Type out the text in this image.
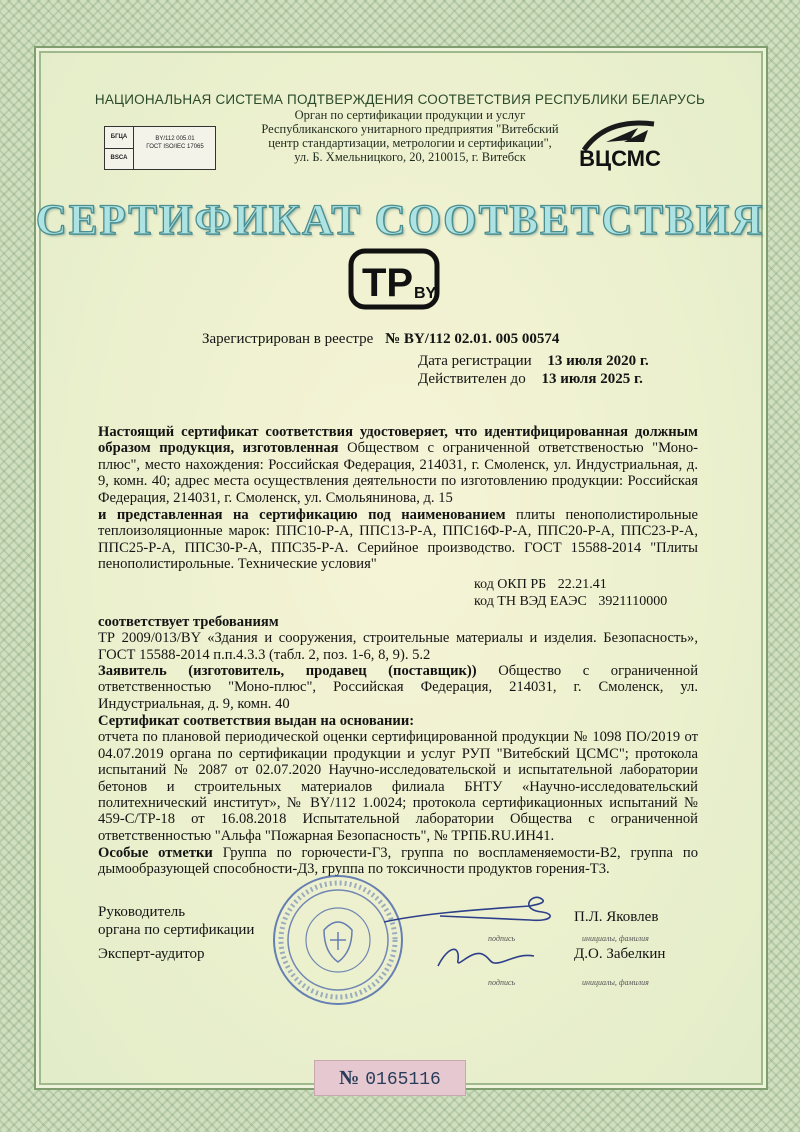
НАЦИОНАЛЬНАЯ СИСТЕМА ПОДТВЕРЖДЕНИЯ СООТВЕТСТВИЯ РЕСПУБЛИКИ БЕЛАРУСЬ
БГЦА
BSCA
BY/112 005.01
ГОСТ ISO/IEC 17065
Орган по сертификации продукции и услуг
Республиканского унитарного предприятия "Витебский
центр стандартизации, метрологии и сертификации",
ул. Б. Хмельницкого, 20, 210015, г. Витебск	ВЦСМС
СЕРТИФИКАТ СООТВЕТСТВИЯ
ТР BY
Зарегистрирован в реестре № BY/112 02.01. 005 00574
Дата регистрации 13 июля 2020 г.
Действителен до 13 июля 2025 г.
Настоящий сертификат соответствия удостоверяет, что идентифицированная должным образом продукция, изготовленная Обществом с ограниченной ответственостью "Моно-плюс", место нахождения: Российская Федерация, 214031, г. Смоленск, ул. Индустриальная, д. 9, комн. 40; адрес места осуществления деятельности по изготовлению продукции: Российская Федерация, 214031, г. Смоленск, ул. Смольянинова, д. 15
и представленная на сертификацию под наименованием плиты пенополистирольные теплоизоляционные марок: ППС10-Р-А, ППС13-Р-А, ППС16Ф-Р-А, ППС20-Р-А, ППС23-Р-А, ППС25-Р-А, ППС30-Р-А, ППС35-Р-А. Серийное производство. ГОСТ 15588-2014 "Плиты пенополистирольные. Технические условия"
код ОКП РБ 22.21.41
код ТН ВЭД ЕАЭС 3921110000
соответствует требованиям
ТР 2009/013/BY «Здания и сооружения, строительные материалы и изделия. Безопасность», ГОСТ 15588-2014 п.п.4.3.3 (табл. 2, поз. 1-6, 8, 9). 5.2
Заявитель (изготовитель, продавец (поставщик)) Общество с ограниченной ответственностью "Моно-плюс", Российская Федерация, 214031, г. Смоленск, ул. Индустриальная, д. 9, комн. 40
Сертификат соответствия выдан на основании:
отчета по плановой периодической оценки сертифицированной продукции № 1098 ПО/2019 от 04.07.2019 органа по сертификации продукции и услуг РУП "Витебский ЦСМС"; протокола испытаний № 2087 от 02.07.2020 Научно-исследовательской и испытательной лаборатории бетонов и строительных материалов филиала БНТУ «Научно-исследовательский политехнический институт», № BY/112 1.0024; протокола сертификационных испытаний № 459-С/ТР-18 от 16.08.2018 Испытательной лаборатории Общества с ограниченной ответственностью "Альфа "Пожарная Безопасность", № ТРПБ.RU.ИН41.
Особые отметки Группа по горючести-Г3, группа по воспламеняемости-В2, группа по дымообразующей способности-Д3, группа по токсичности продуктов горения-Т3.
Руководитель
органа по сертификации
Эксперт-аудитор
подпись
подпись
П.Л. Яковлев
инициалы, фамилия
Д.О. Забелкин
инициалы, фамилия
№ 0165116
